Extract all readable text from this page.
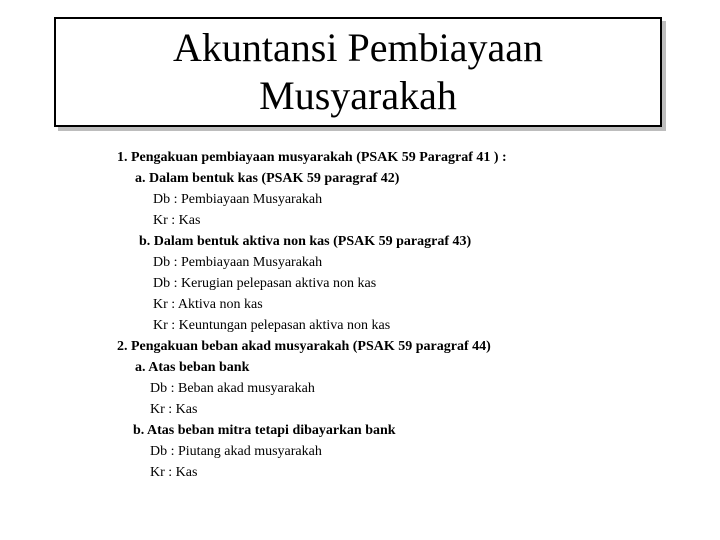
Akuntansi Pembiayaan
Musyarakah
1. Pengakuan pembiayaan musyarakah (PSAK 59 Paragraf 41 ) :
a. Dalam bentuk kas (PSAK 59 paragraf 42)
Db : Pembiayaan Musyarakah
Kr : Kas
b. Dalam bentuk aktiva non kas (PSAK 59 paragraf 43)
Db : Pembiayaan Musyarakah
Db : Kerugian pelepasan aktiva non kas
Kr : Aktiva non kas
Kr : Keuntungan pelepasan aktiva non kas
2. Pengakuan beban akad musyarakah (PSAK 59 paragraf 44)
a. Atas beban bank
Db : Beban akad musyarakah
Kr : Kas
b. Atas beban mitra tetapi dibayarkan bank
Db : Piutang akad musyarakah
Kr : Kas
